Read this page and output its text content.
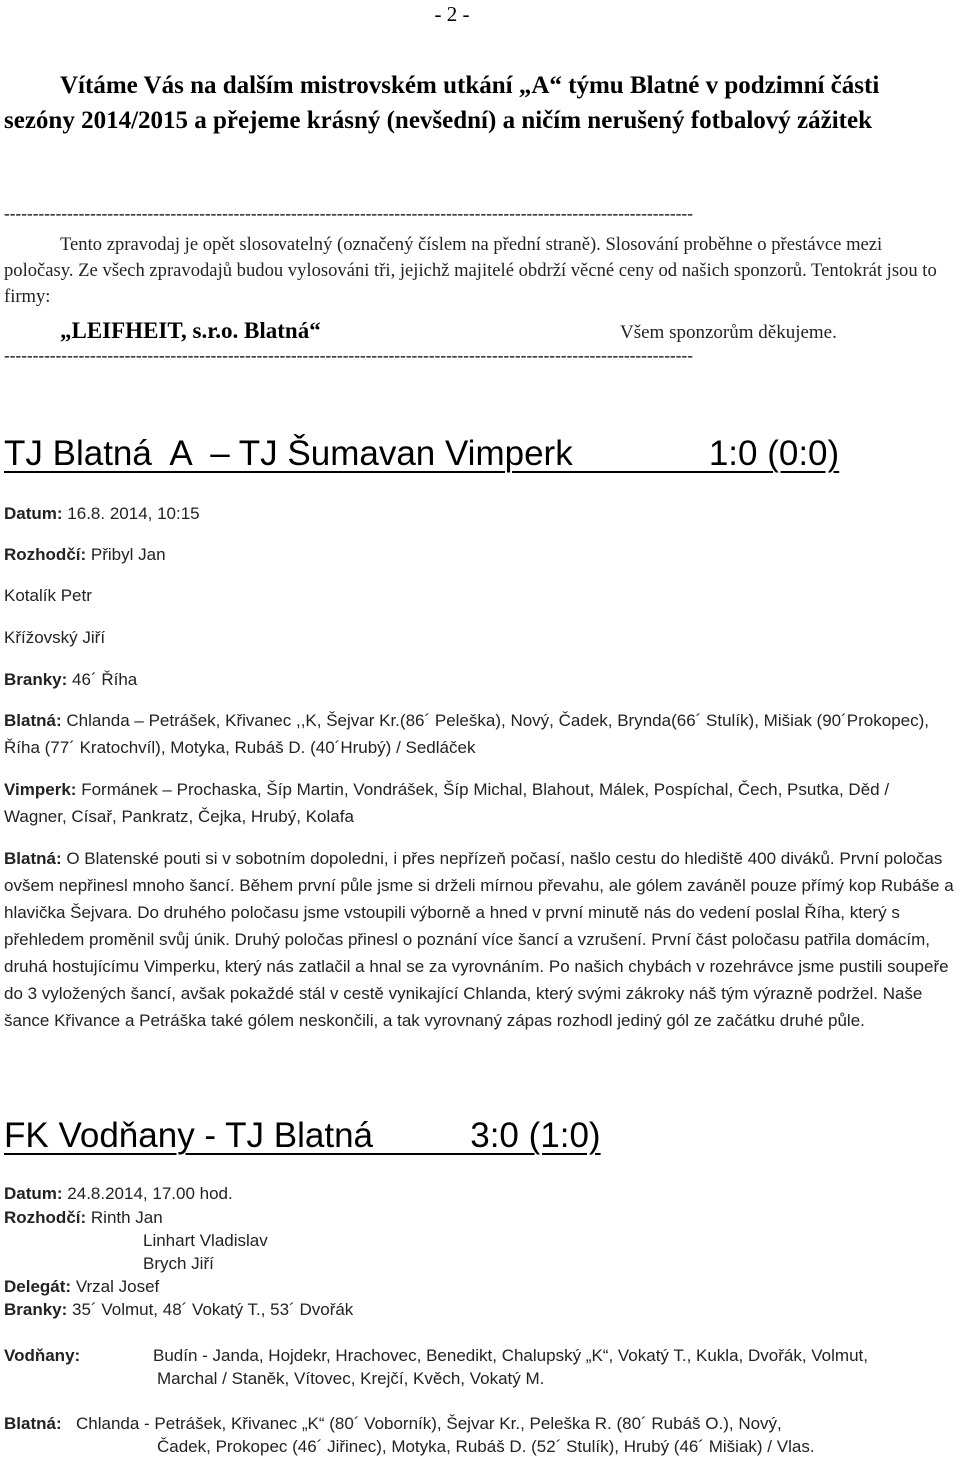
- 2 -
Vítáme Vás na dalším mistrovském utkání „A“ týmu Blatné v podzimní části sezóny 2014/2015 a přejeme krásný (nevšední) a ničím nerušený fotbalový zážitek
------------------------------------------------------------------------------------------------------------------------
Tento zpravodaj je opět slosovatelný (označený číslem na přední straně). Slosování proběhne o přestávce mezi poločasy. Ze všech zpravodajů budou vylosováni tři, jejichž majitelé obdrží věcné ceny od našich sponzorů. Tentokrát jsou to firmy:
„LEIFHEIT, s.r.o. Blatná“	Všem sponzorům děkujeme.
------------------------------------------------------------------------------------------------------------------------
TJ Blatná  A  – TJ Šumavan Vimperk              1:0 (0:0)
Datum: 16.8. 2014, 10:15
Rozhodčí: Přibyl Jan
Kotalík Petr
Křížovský Jiří
Branky: 46´ Říha
Blatná: Chlanda – Petrášek, Křivanec ,,K, Šejvar Kr.(86´ Peleška), Nový, Čadek, Brynda(66´ Stulík), Mišiak (90´Prokopec), Říha (77´ Kratochvíl), Motyka, Rubáš D. (40´Hrubý) / Sedláček
Vimperk: Formánek – Prochaska, Šíp Martin, Vondrášek, Šíp Michal, Blahout, Málek, Pospíchal, Čech, Psutka, Děd / Wagner, Císař, Pankratz, Čejka, Hrubý, Kolafa
Blatná: O Blatenské pouti si v sobotním dopoledni, i přes nepřízeň počasí, našlo cestu do hlediště 400 diváků. První poločas ovšem nepřinesl mnoho šancí. Během první půle jsme si drželi mírnou převahu, ale gólem zaváněl pouze přímý kop Rubáše a hlavička Šejvara. Do druhého poločasu jsme vstoupili výborně a hned v první minutě nás do vedení poslal Říha, který s přehledem proměnil svůj únik. Druhý poločas přinesl o poznání více šancí a vzrušení. První část poločasu patřila domácím, druhá hostujícímu Vimperku, který nás zatlačil a hnal se za vyrovnáním. Po našich chybách v rozehrávce jsme pustili soupeře do 3 vyložených šancí, avšak pokaždé stál v cestě vynikající Chlanda, který svými zákroky náš tým výrazně podržel. Naše šance Křivance a Petráška také gólem neskončili, a tak vyrovnaný zápas rozhodl jediný gól ze začátku druhé půle.
FK Vodňany - TJ Blatná          3:0 (1:0)
Datum: 24.8.2014, 17.00 hod.
Rozhodčí: Rinth Jan
Linhart Vladislav
Brych Jiří
Delegát: Vrzal Josef
Branky: 35´ Volmut, 48´ Vokatý T., 53´ Dvořák
Vodňany:	Budín - Janda, Hojdekr, Hrachovec, Benedikt, Chalupský „K“, Vokatý T., Kukla, Dvořák, Volmut,
Marchal / Staněk, Vítovec, Krejčí, Kvěch, Vokatý M.
Blatná: Chlanda - Petrášek, Křivanec „K“ (80´ Voborník), Šejvar Kr., Peleška R. (80´ Rubáš O.), Nový,
Čadek, Prokopec (46´ Jiřinec), Motyka, Rubáš D. (52´ Stulík), Hrubý (46´ Mišiak) / Vlas.
